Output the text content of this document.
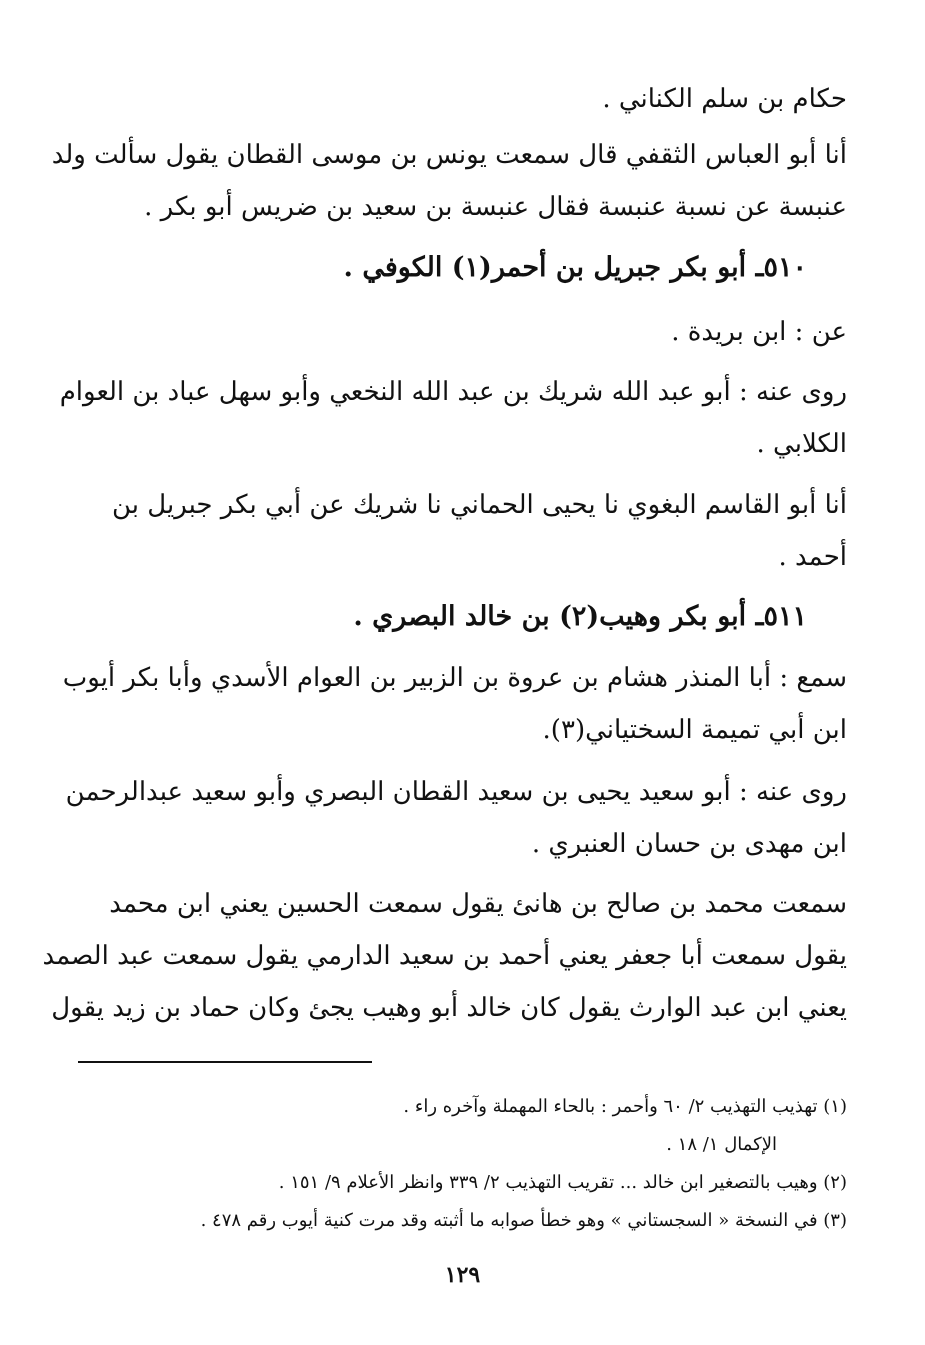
حكام بن سلم الكناني .
أنا أبو العباس الثقفي قال سمعت يونس بن موسى القطان يقول سألت ولد
عنبسة عن نسبة عنبسة فقال عنبسة بن سعيد بن ضريس أبو بكر .
٥١٠ـ أبو بكر جبريل بن أحمر(١) الكوفي .
عن : ابن بريدة .
روى عنه : أبو عبد الله شريك بن عبد الله النخعي وأبو سهل عباد بن العوام
الكلابي .
أنا أبو القاسم البغوي نا يحيى الحماني نا شريك عن أبي بكر جبريل بن
أحمد .
٥١١ـ أبو بكر وهيب(٢) بن خالد البصري .
سمع : أبا المنذر هشام بن عروة بن الزبير بن العوام الأسدي وأبا بكر أيوب
ابن أبي تميمة السختياني(٣).
روى عنه : أبو سعيد يحيى بن سعيد القطان البصري وأبو سعيد عبدالرحمن
ابن مهدى بن حسان العنبري .
سمعت محمد بن صالح بن هانئ يقول سمعت الحسين يعني ابن محمد
يقول سمعت أبا جعفر يعني أحمد بن سعيد الدارمي يقول سمعت عبد الصمد
يعني ابن عبد الوارث يقول كان خالد أبو وهيب يجئ وكان حماد بن زيد يقول
(١) تهذيب التهذيب ٢/ ٦٠ وأحمر : بالحاء المهملة وآخره راء .
الإكمال ١/ ١٨ .
(٢) وهيب بالتصغير ابن خالد ... تقريب التهذيب ٢/ ٣٣٩ وانظر الأعلام ٩/ ١٥١ .
(٣) في النسخة « السجستاني » وهو خطأ صوابه ما أثبته وقد مرت كنية أيوب رقم ٤٧٨ .
١٢٩
